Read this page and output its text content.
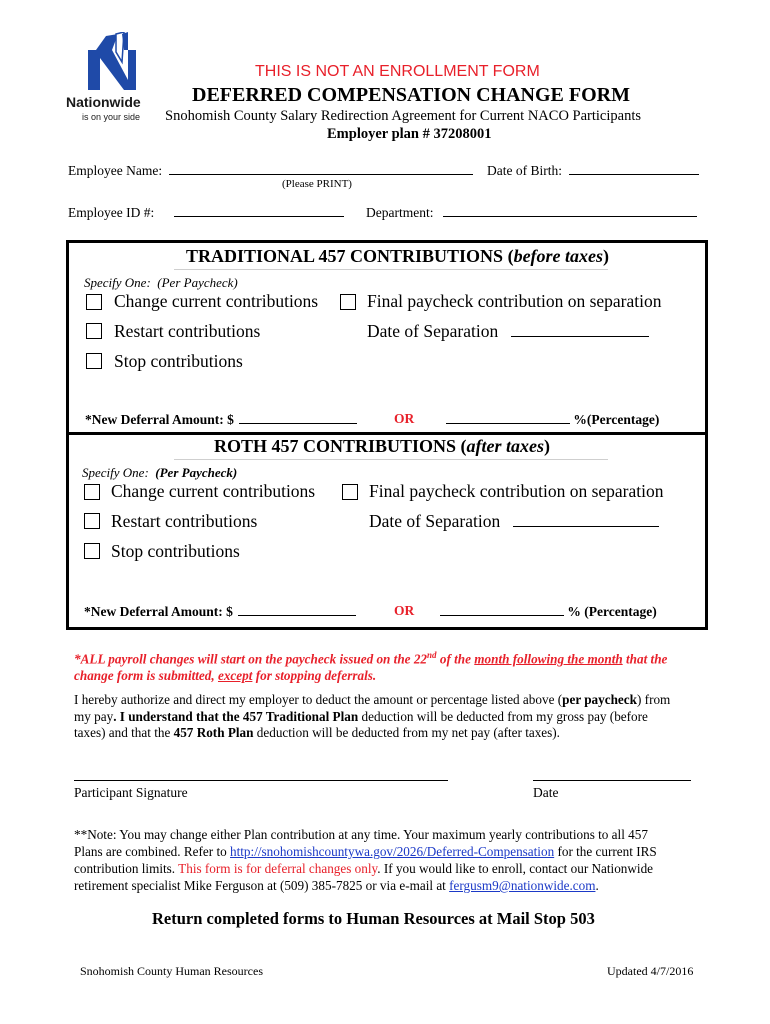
Nationwide
is on your side
THIS IS NOT AN ENROLLMENT FORM
DEFERRED COMPENSATION CHANGE FORM
Snohomish County Salary Redirection Agreement for Current NACO Participants
Employer plan # 37208001
Employee Name:	Date of Birth:
(Please PRINT)
Employee ID #:	Department:
TRADITIONAL 457 CONTRIBUTIONS (before taxes)
Specify One: (Per Paycheck)
Change current contributions	Final paycheck contribution on separation
Restart contributions	Date of Separation
Stop contributions
*New Deferral Amount: $	OR	%(Percentage)
ROTH 457 CONTRIBUTIONS (after taxes)
Specify One: (Per Paycheck)
Change current contributions	Final paycheck contribution on separation
Restart contributions	Date of Separation
Stop contributions
*New Deferral Amount: $	OR	% (Percentage)
*ALL payroll changes will start on the paycheck issued on the 22nd of the month following the month that the
change form is submitted, except for stopping deferrals.
I hereby authorize and direct my employer to deduct the amount or percentage listed above (per paycheck) from
my pay. I understand that the 457 Traditional Plan deduction will be deducted from my gross pay (before
taxes) and that the 457 Roth Plan deduction will be deducted from my net pay (after taxes).
Participant Signature	Date
**Note: You may change either Plan contribution at any time. Your maximum yearly contributions to all 457
Plans are combined. Refer to http://snohomishcountywa.gov/2026/Deferred-Compensation for the current IRS
contribution limits. This form is for deferral changes only. If you would like to enroll, contact our Nationwide
retirement specialist Mike Ferguson at (509) 385-7825 or via e-mail at fergusm9@nationwide.com.
Return completed forms to Human Resources at Mail Stop 503
Snohomish County Human Resources	Updated 4/7/2016
